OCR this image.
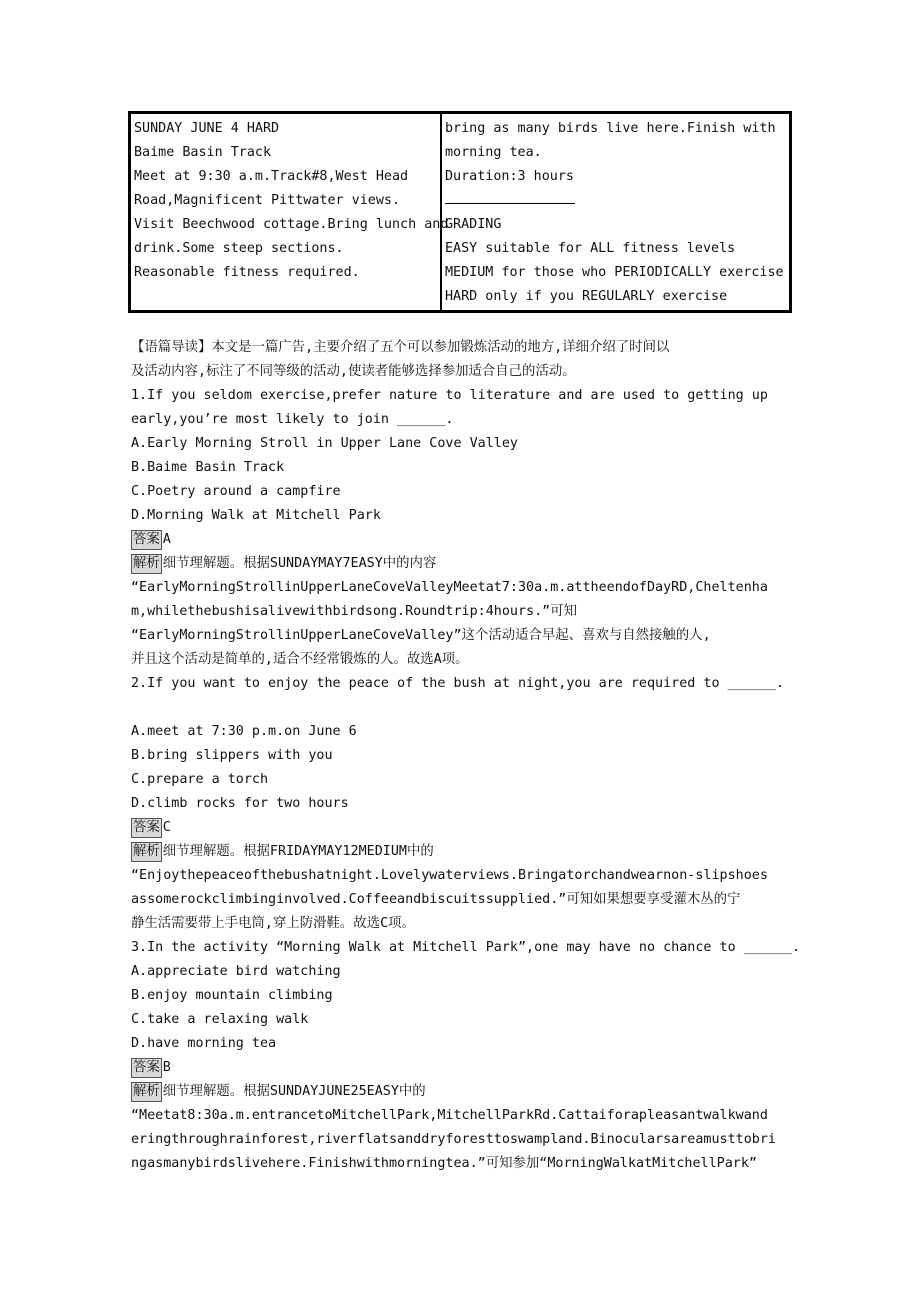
SUNDAY JUNE 4 HARD
Baime Basin Track
Meet at 9:30 a.m.Track#8,West Head
Road,Magnificent Pittwater views.
Visit Beechwood cottage.Bring lunch and
drink.Some steep sections.
Reasonable fitness required.
bring as many birds live here.Finish with
morning tea.
Duration:3 hours
GRADING
EASY suitable for ALL fitness levels
MEDIUM for those who PERIODICALLY exercise
HARD only if you REGULARLY exercise
【语篇导读】本文是一篇广告,主要介绍了五个可以参加锻炼活动的地方,详细介绍了时间以
及活动内容,标注了不同等级的活动,使读者能够选择参加适合自己的活动。
1.If you seldom exercise,prefer nature to literature and are used to getting up
early,you’re most likely to join ______.
A.Early Morning Stroll in Upper Lane Cove Valley
B.Baime Basin Track
C.Poetry around a campfire
D.Morning Walk at Mitchell Park
答案 A
解析 细节理解题。根据SUNDAYMAY7EASY中的内容
“EarlyMorningStrollinUpperLaneCoveValleyMeetat7:30a.m.attheendofDayRD,Cheltenha
m,whilethebushisalivewithbirdsong.Roundtrip:4hours.”可知
“EarlyMorningStrollinUpperLaneCoveValley”这个活动适合早起、喜欢与自然接触的人,
并且这个活动是简单的,适合不经常锻炼的人。故选A项。
2.If you want to enjoy the peace of the bush at night,you are required to ______.
A.meet at 7:30 p.m.on June 6
B.bring slippers with you
C.prepare a torch
D.climb rocks for two hours
答案 C
解析 细节理解题。根据FRIDAYMAY12MEDIUM中的
“Enjoythepeaceofthebushatnight.Lovelywaterviews.Bringatorchandwearnon-slipshoes
assomerockclimbinginvolved.Coffeeandbiscuitssupplied.”可知如果想要享受灌木丛的宁
静生活需要带上手电筒,穿上防滑鞋。故选C项。
3.In the activity “Morning Walk at Mitchell Park”,one may have no chance to ______.
A.appreciate bird watching
B.enjoy mountain climbing
C.take a relaxing walk
D.have morning tea
答案 B
解析 细节理解题。根据SUNDAYJUNE25EASY中的
“Meetat8:30a.m.entrancetoMitchellPark,MitchellParkRd.Cattaiforapleasantwalkwand
eringthroughrainforest,riverflatsanddryforesttoswampland.Binocularsareamusttobri
ngasmanybirdslivehere.Finishwithmorningtea.”可知参加“MorningWalkatMitchellPark”
